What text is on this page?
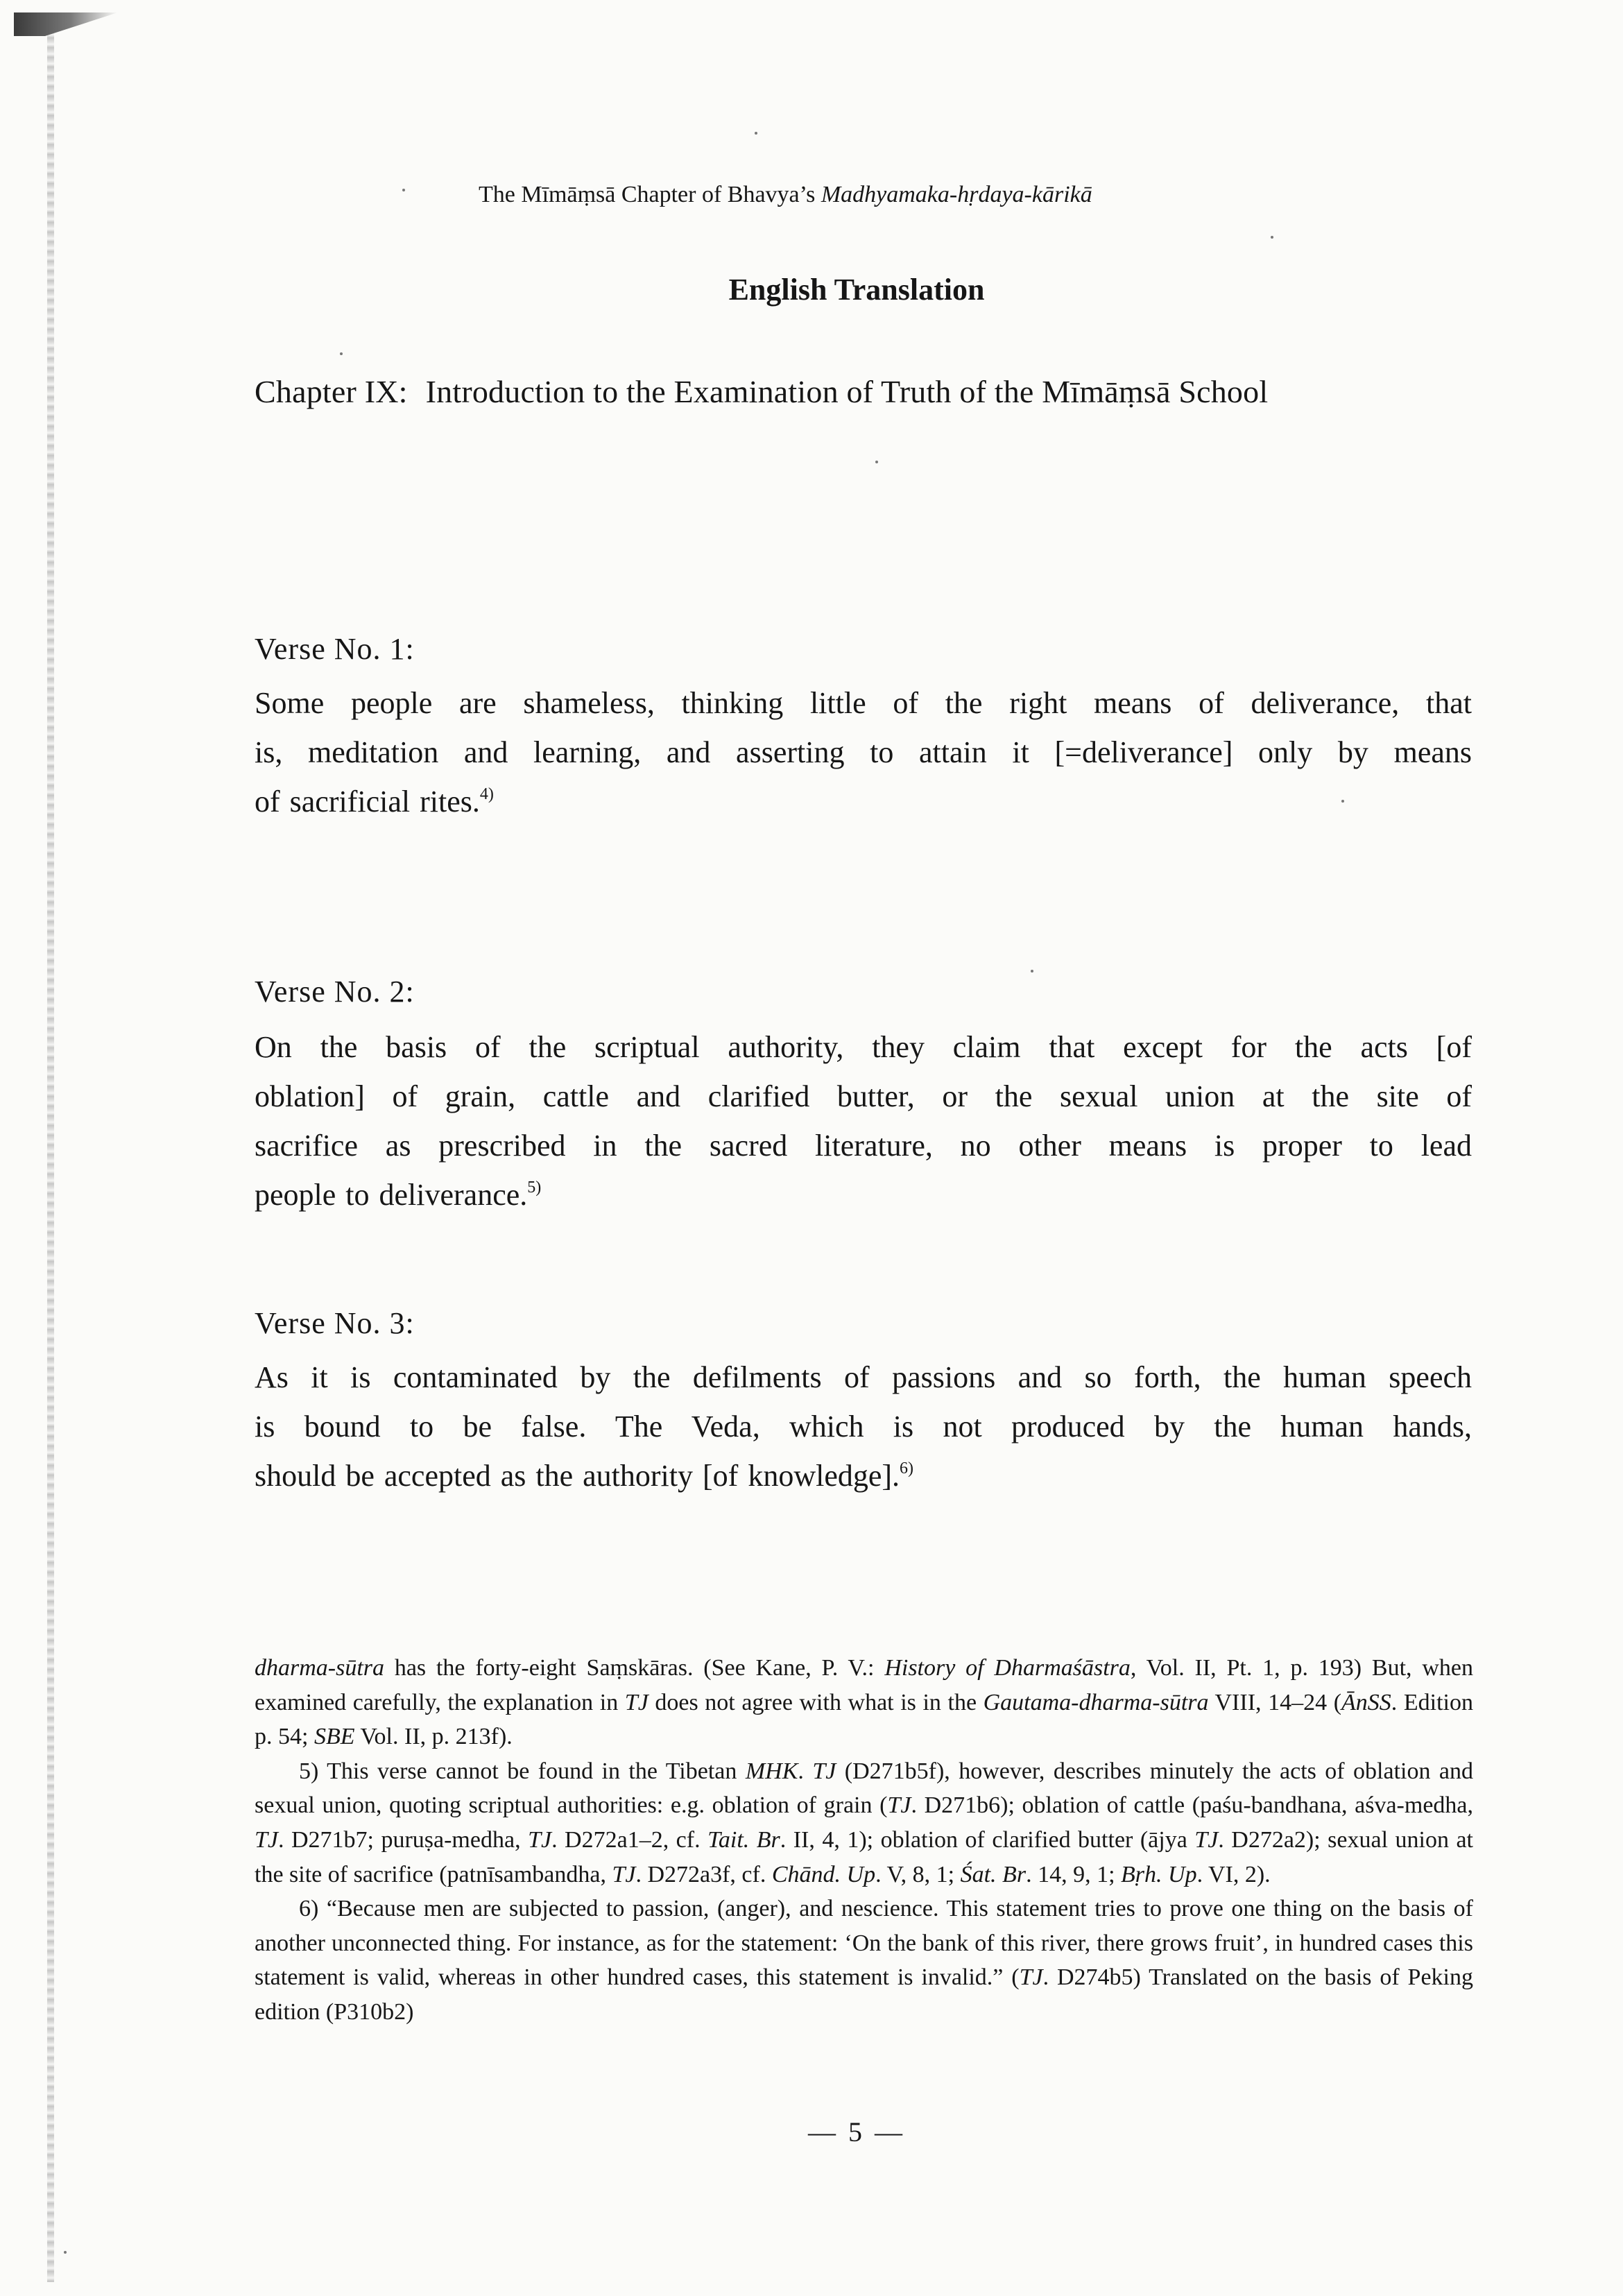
The Mīmāṃsā Chapter of Bhavya’s Madhyamaka-hṛdaya-kārikā
English Translation
Chapter IX: Introduction to the Examination of Truth of the Mīmāṃsā School
Verse No. 1:
Some people are shameless, thinking little of the right means of deliverance, that
is, meditation and learning, and asserting to attain it [=deliverance] only by means
of sacrificial rites.$^{4)}$
Verse No. 2:
On the basis of the scriptual authority, they claim that except for the acts [of
oblation] of grain, cattle and clarified butter, or the sexual union at the site of
sacrifice as prescribed in the sacred literature, no other means is proper to lead
people to deliverance.$^{5)}$
Verse No. 3:
As it is contaminated by the defilments of passions and so forth, the human speech
is bound to be false. The Veda, which is not produced by the human hands,
should be accepted as the authority [of knowledge].$^{6)}$

dharma-sūtra has the forty-eight Saṃskāras. (See Kane, P. V.: History of Dharmaśāstra, Vol. II, Pt. 1, p. 193) But, when examined carefully, the explanation in TJ does not agree with what is in the Gautama-dharma-sūtra VIII, 14–24 (ĀnSS. Edition p. 54; SBE Vol. II, p. 213f).

5) This verse cannot be found in the Tibetan MHK. TJ (D271b5f), however, describes minutely the acts of oblation and sexual union, quoting scriptual authorities: e.g. oblation of grain (TJ. D271b6); oblation of cattle (paśu-bandhana, aśva-medha, TJ. D271b7; puruṣa-medha, TJ. D272a1–2, cf. Tait. Br. II, 4, 1); oblation of clarified butter (ājya TJ. D272a2); sexual union at the site of sacrifice (patnīsambandha, TJ. D272a3f, cf. Chānd. Up. V, 8, 1; Śat. Br. 14, 9, 1; Bṛh. Up. VI, 2).

6) “Because men are subjected to passion, (anger), and nescience. This statement tries to prove one thing on the basis of another unconnected thing. For instance, as for the statement: ‘On the bank of this river, there grows fruit’, in hundred cases this statement is valid, whereas in other hundred cases, this statement is invalid.” (TJ. D274b5) Translated on the basis of Peking edition (P310b2)

— 5 —
